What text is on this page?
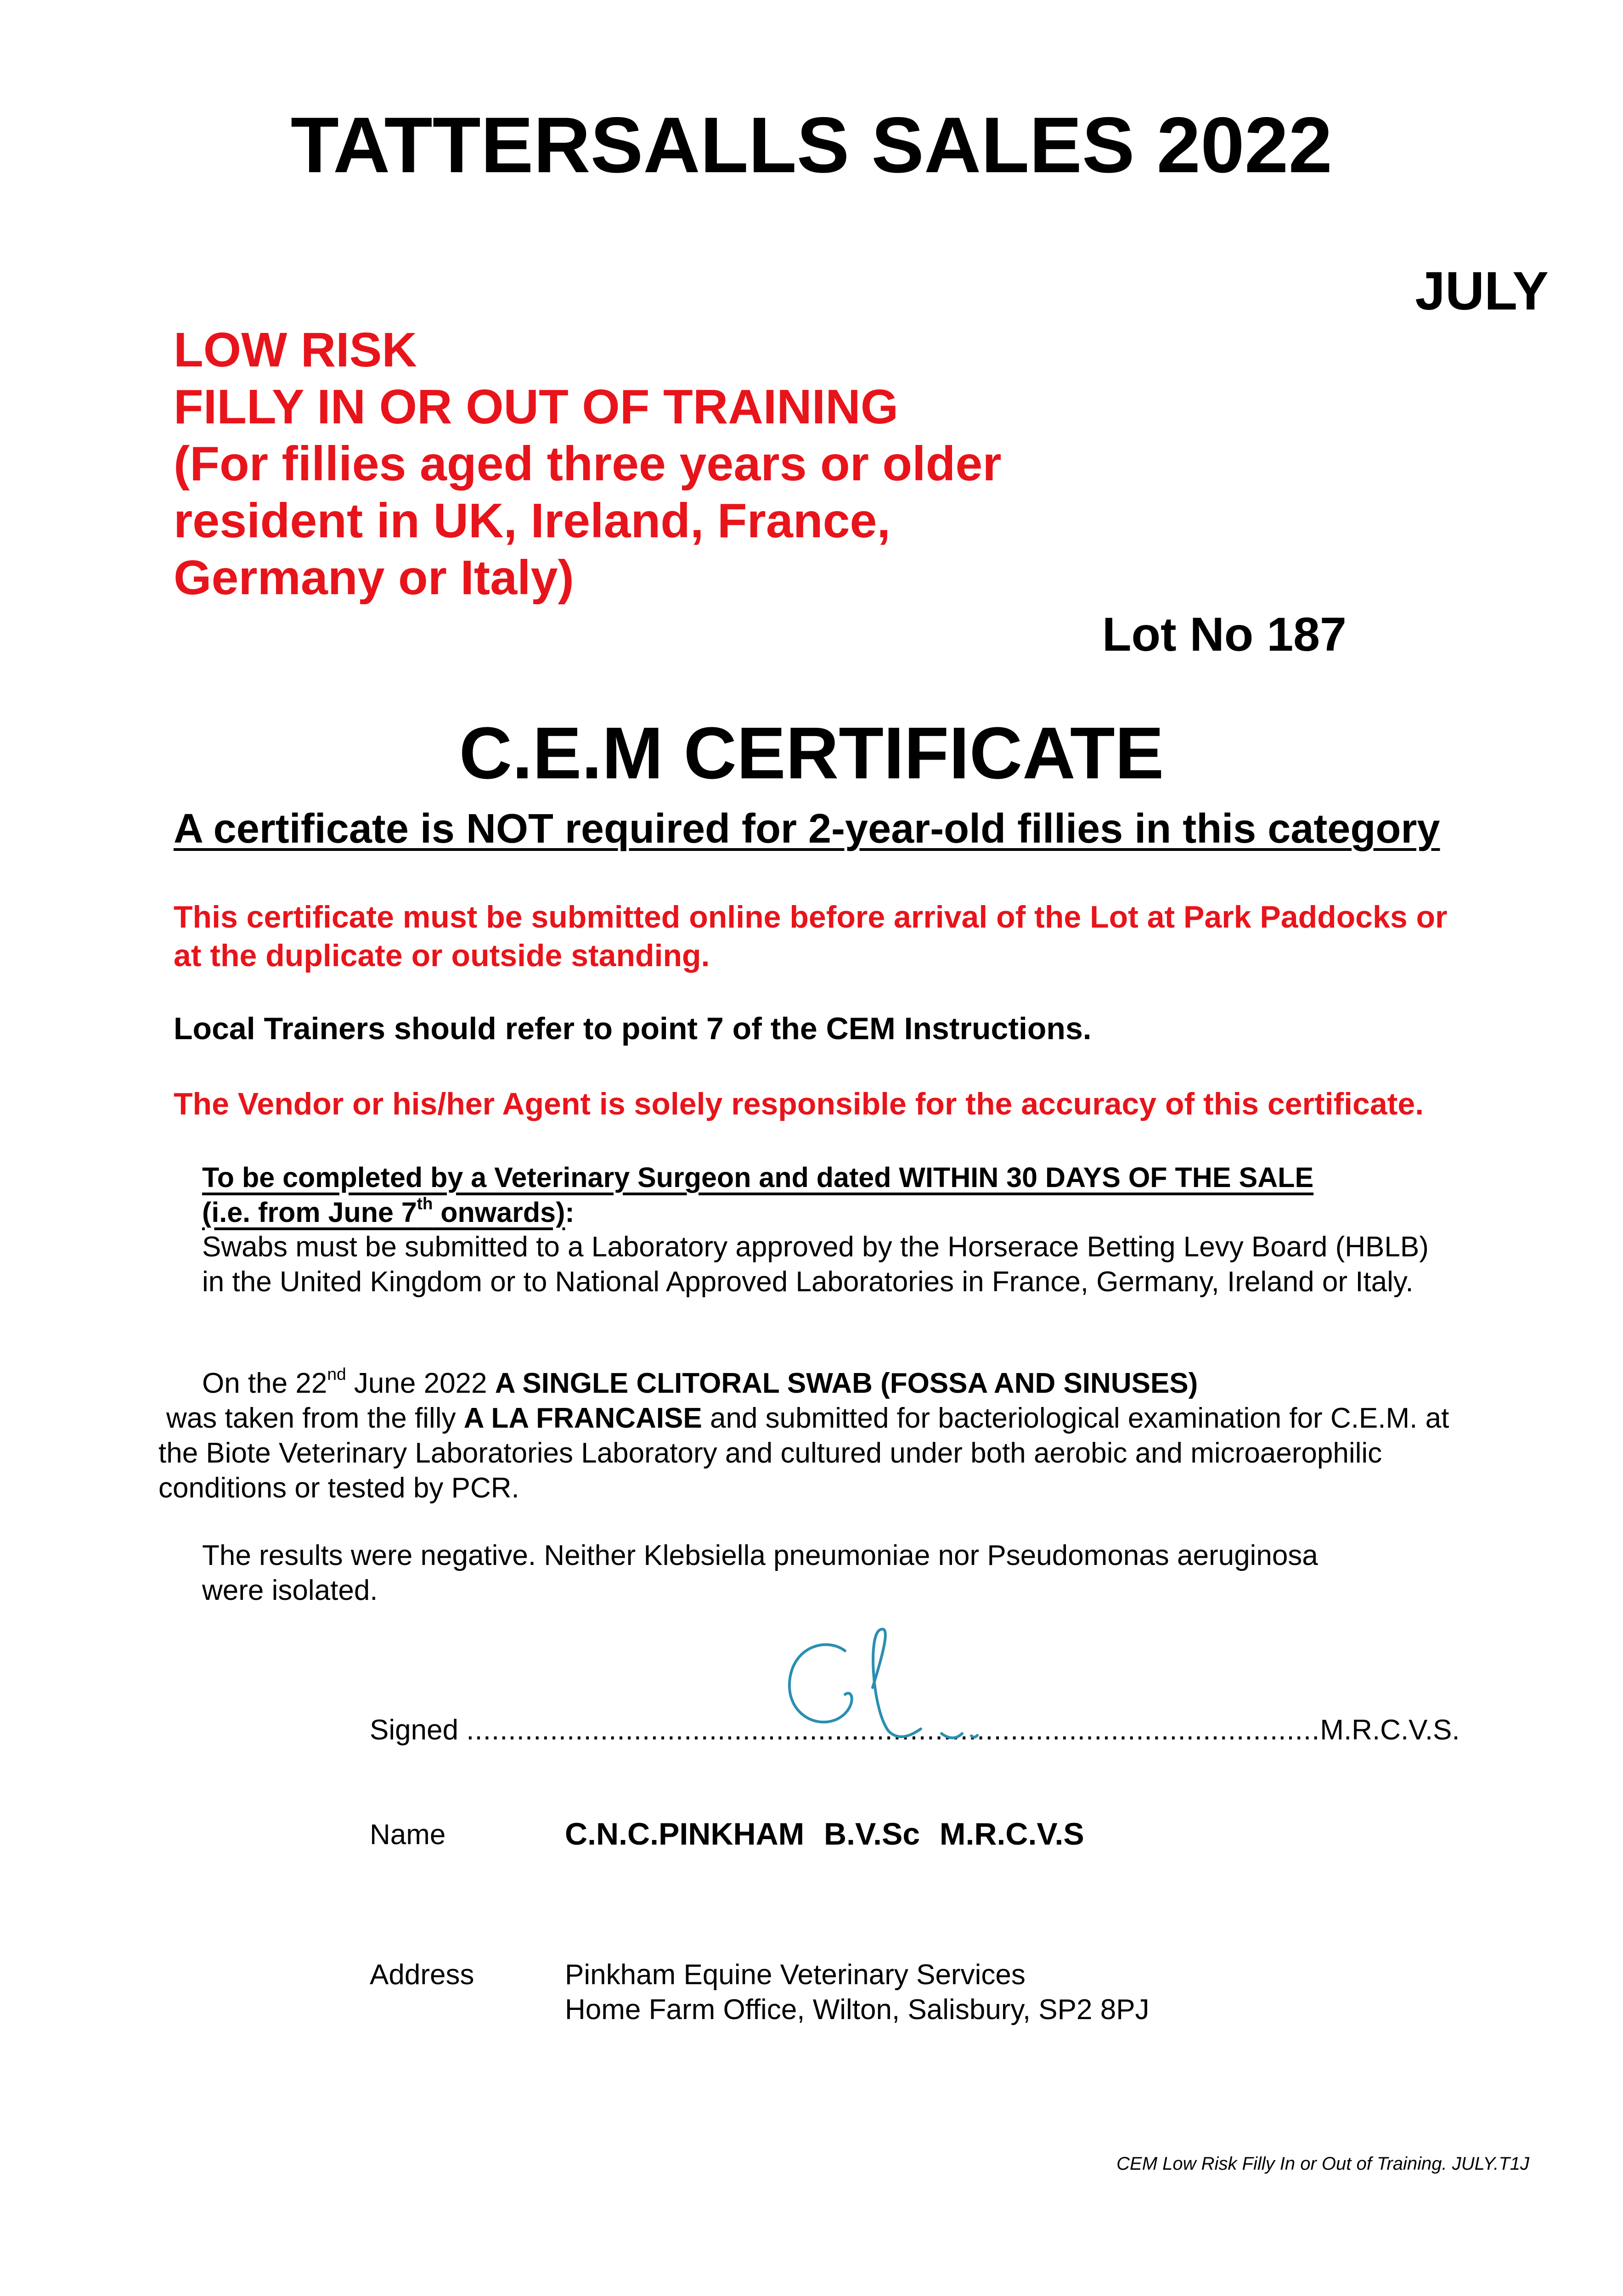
TATTERSALLS SALES 2022
JULY
LOW RISK
FILLY IN OR OUT OF TRAINING
(For fillies aged three years or older
resident in UK, Ireland, France,
Germany or Italy)
Lot No 187
C.E.M CERTIFICATE
A certificate is NOT required for 2-year-old fillies in this category
This certificate must be submitted online before arrival of the Lot at Park Paddocks or
at the duplicate or outside standing.
Local Trainers should refer to point 7 of the CEM Instructions.
The Vendor or his/her Agent is solely responsible for the accuracy of this certificate.
To be completed by a Veterinary Surgeon and dated WITHIN 30 DAYS OF THE SALE
(i.e. from June 7th onwards):
Swabs must be submitted to a Laboratory approved by the Horserace Betting Levy Board (HBLB)
in the United Kingdom or to National Approved Laboratories in France, Germany, Ireland or Italy.
On the 22nd June 2022 A SINGLE CLITORAL SWAB (FOSSA AND SINUSES)
was taken from the filly A LA FRANCAISE and submitted for bacteriological examination for C.E.M. at
the Biote Veterinary Laboratories Laboratory and cultured under both aerobic and microaerophilic
conditions or tested by PCR.
The results were negative. Neither Klebsiella pneumoniae nor Pseudomonas aeruginosa
were isolated.
Signed ......................................................................................................M.R.C.V.S.
Name	C.N.C.PINKHAM B.V.Sc M.R.C.V.S
Address	Pinkham Equine Veterinary Services
Home Farm Office, Wilton, Salisbury, SP2 8PJ
CEM Low Risk Filly In or Out of Training. JULY.T1J
